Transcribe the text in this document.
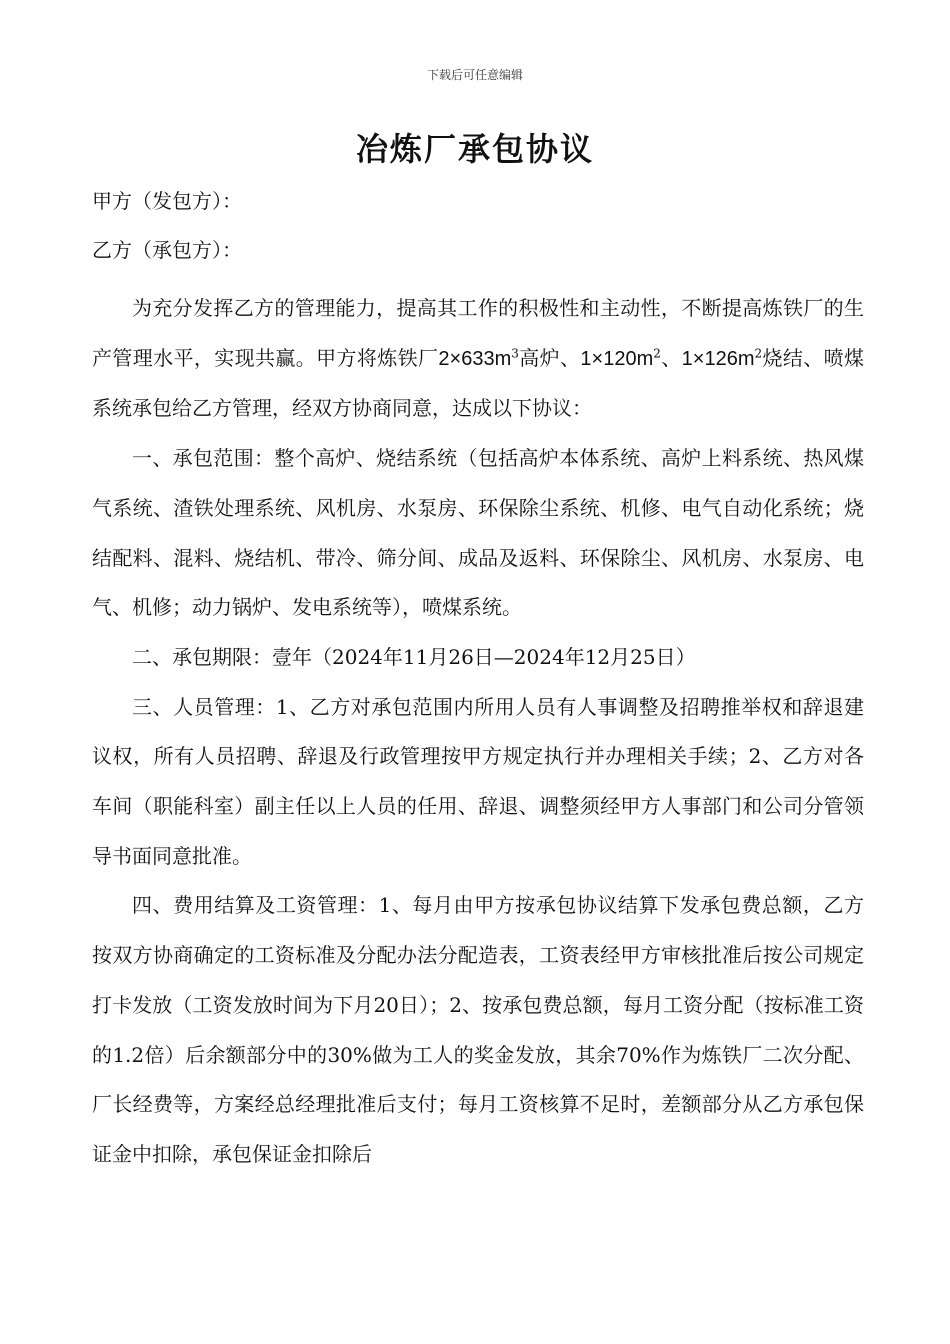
下载后可任意编辑
冶炼厂承包协议
甲方（发包方）：
乙方（承包方）：

为充分发挥乙方的管理能力，提高其工作的积极性和主动性，不断提高炼铁厂的生产管理水平，实现共赢。甲方将炼铁厂$2\times 633m^3$高炉、$1\times 120m^2$、$1\times 126m^2$烧结、喷煤系统承包给乙方管理，经双方协商同意，达成以下协议：

一、承包范围：整个高炉、烧结系统（包括高炉本体系统、高炉上料系统、热风煤气系统、渣铁处理系统、风机房、水泵房、环保除尘系统、机修、电气自动化系统；烧结配料、混料、烧结机、带冷、筛分间、成品及返料、环保除尘、风机房、水泵房、电气、机修；动力锅炉、发电系统等），喷煤系统。

二、承包期限：壹年（2024年11月26日—2024年12月25日）

三、人员管理：1、乙方对承包范围内所用人员有人事调整及招聘推举权和辞退建议权，所有人员招聘、辞退及行政管理按甲方规定执行并办理相关手续；2、乙方对各车间（职能科室）副主任以上人员的任用、辞退、调整须经甲方人事部门和公司分管领导书面同意批准。

四、费用结算及工资管理：1、每月由甲方按承包协议结算下发承包费总额，乙方按双方协商确定的工资标准及分配办法分配造表，工资表经甲方审核批准后按公司规定打卡发放（工资发放时间为下月20日）；2、按承包费总额，每月工资分配（按标准工资的1.2倍）后余额部分中的30%做为工人的奖金发放，其余70%作为炼铁厂二次分配、厂长经费等，方案经总经理批准后支付；每月工资核算不足时，差额部分从乙方承包保证金中扣除，承包保证金扣除后
